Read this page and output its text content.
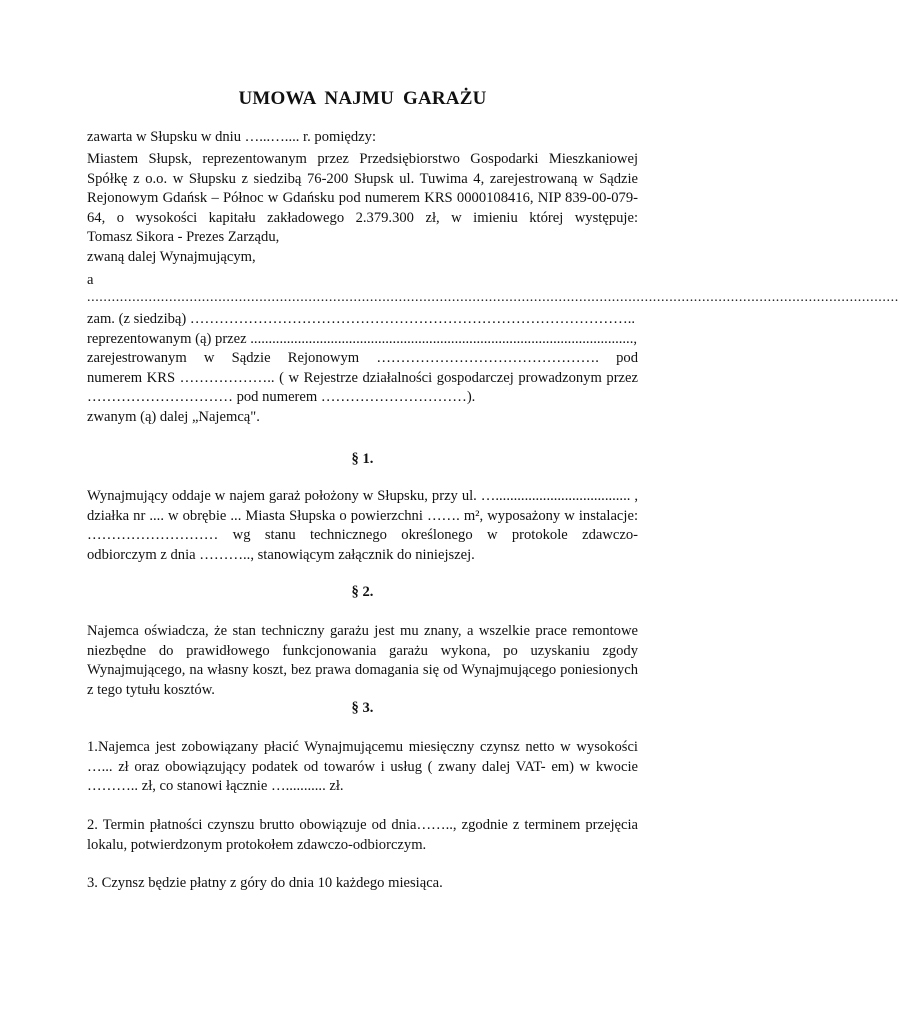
UMOWA NAJMU GARAŻU
zawarta w Słupsku w dniu …...….... r. pomiędzy:
Miastem Słupsk, reprezentowanym przez Przedsiębiorstwo Gospodarki Mieszkaniowej
Spółkę z o.o. w Słupsku z siedzibą 76-200 Słupsk ul. Tuwima 4, zarejestrowaną w Sądzie
Rejonowym Gdańsk – Północ w Gdańsku pod numerem KRS 0000108416, NIP 839-00-079-
64, o wysokości kapitału zakładowego 2.379.300 zł, w imieniu której występuje:
Tomasz Sikora - Prezes Zarządu,
zwaną dalej Wynajmującym,
a
......................................................................................................................................................................................................
zam. (z siedzibą) ………………………………………………………………………………..
reprezentowanym (ą) przez .........................................................................................................,
zarejestrowanym w Sądzie Rejonowym ………………………………………. pod
numerem KRS ……………….. ( w Rejestrze działalności gospodarczej prowadzonym przez
………………………… pod numerem …………………………).
zwanym (ą) dalej „Najemcą".
§ 1.
Wynajmujący oddaje w najem garaż położony w Słupsku, przy ul. …..................................... ,
działka nr .... w obrębie ... Miasta Słupska o powierzchni ……. m², wyposażony w instalacje:
……………………… wg stanu technicznego określonego w protokole zdawczo-
odbiorczym z dnia ……….., stanowiącym załącznik do niniejszej.
§ 2.
Najemca oświadcza, że stan techniczny garażu jest mu znany, a wszelkie prace remontowe
niezbędne do prawidłowego funkcjonowania garażu wykona, po uzyskaniu zgody
Wynajmującego, na własny koszt, bez prawa domagania się od Wynajmującego poniesionych
z tego tytułu kosztów.
§ 3.
1.Najemca jest zobowiązany płacić Wynajmującemu miesięczny czynsz netto w wysokości
…... zł oraz obowiązujący podatek od towarów i usług ( zwany dalej VAT- em) w kwocie
……….. zł, co stanowi łącznie …........... zł.
2. Termin płatności czynszu brutto obowiązuje od dnia…….., zgodnie z terminem przejęcia
lokalu, potwierdzonym protokołem zdawczo-odbiorczym.
3. Czynsz będzie płatny z góry do dnia 10 każdego miesiąca.
